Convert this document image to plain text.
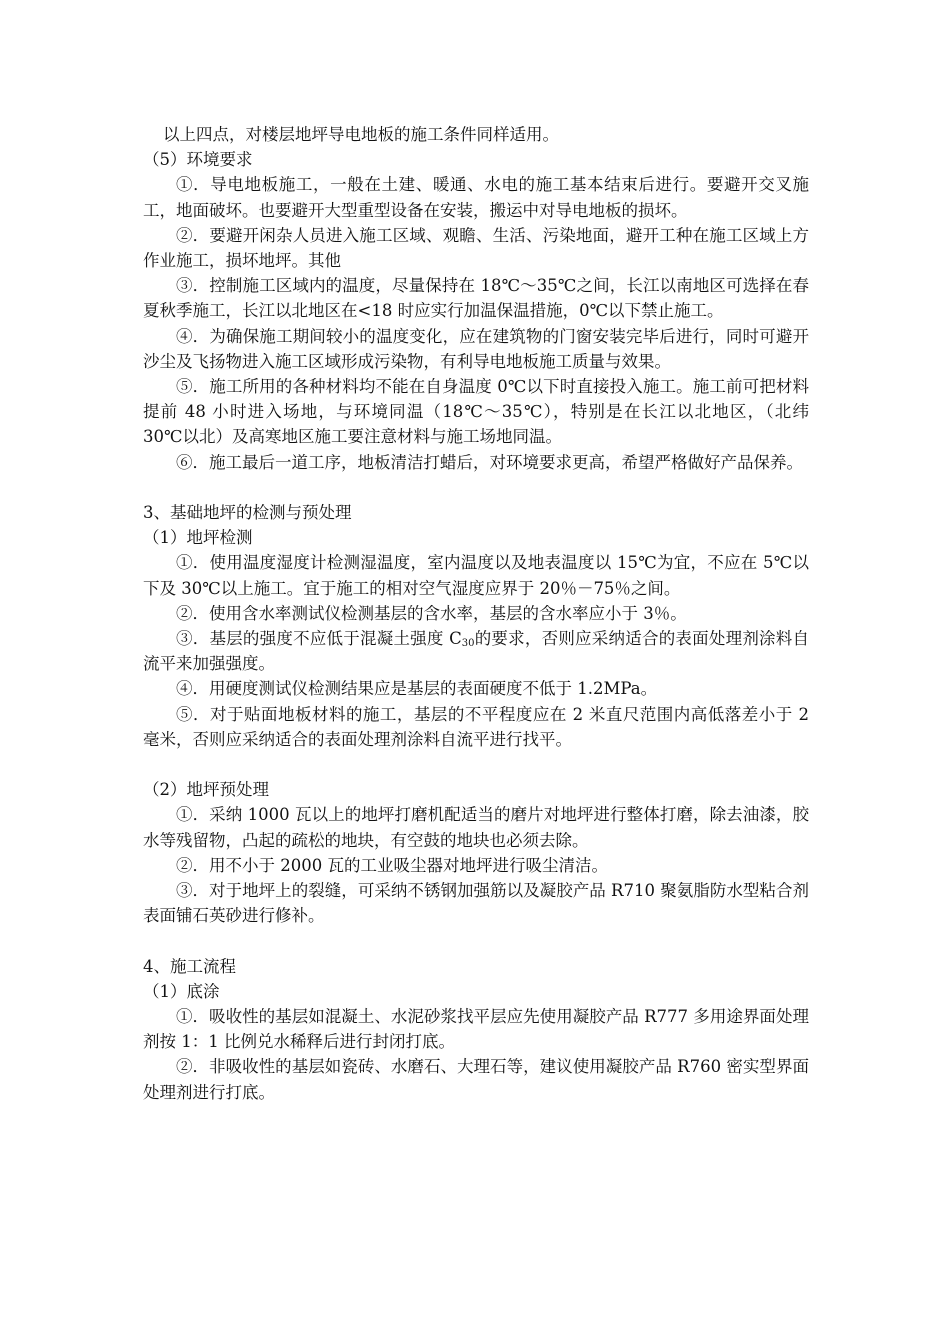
以上四点，对楼层地坪导电地板的施工条件同样适用。

（5）环境要求

①．导电地板施工，一般在土建、暖通、水电的施工基本结束后进行。要避开交叉施工，地面破坏。也要避开大型重型设备在安装，搬运中对导电地板的损坏。

②．要避开闲杂人员进入施工区域、观瞻、生活、污染地面，避开工种在施工区域上方作业施工，损坏地坪。其他

③．控制施工区域内的温度，尽量保持在 18℃～35℃之间，长江以南地区可选择在春夏秋季施工，长江以北地区在<18 时应实行加温保温措施，0℃以下禁止施工。

④．为确保施工期间较小的温度变化，应在建筑物的门窗安装完毕后进行，同时可避开沙尘及飞扬物进入施工区域形成污染物，有利导电地板施工质量与效果。

⑤．施工所用的各种材料均不能在自身温度 0℃以下时直接投入施工。施工前可把材料提前 48 小时进入场地，与环境同温（18℃～35℃），特别是在长江以北地区，（北纬 30℃以北）及高寒地区施工要注意材料与施工场地同温。

⑥．施工最后一道工序，地板清洁打蜡后，对环境要求更高，希望严格做好产品保养。

3、基础地坪的检测与预处理

（1）地坪检测

①．使用温度湿度计检测湿温度，室内温度以及地表温度以 15℃为宜，不应在 5℃以下及 30℃以上施工。宜于施工的相对空气湿度应界于 20％－75％之间。

②．使用含水率测试仪检测基层的含水率，基层的含水率应小于 3％。

③．基层的强度不应低于混凝土强度 $C_{30}$的要求，否则应采纳适合的表面处理剂涂料自流平来加强强度。

④．用硬度测试仪检测结果应是基层的表面硬度不低于 1.2MPa。

⑤．对于贴面地板材料的施工，基层的不平程度应在 2 米直尺范围内高低落差小于 2 毫米，否则应采纳适合的表面处理剂涂料自流平进行找平。

（2）地坪预处理

①．采纳 1000 瓦以上的地坪打磨机配适当的磨片对地坪进行整体打磨，除去油漆，胶水等残留物，凸起的疏松的地块，有空鼓的地块也必须去除。

②．用不小于 2000 瓦的工业吸尘器对地坪进行吸尘清洁。

③．对于地坪上的裂缝，可采纳不锈钢加强筋以及凝胶产品 R710 聚氨脂防水型粘合剂表面铺石英砂进行修补。

4、施工流程

（1）底涂

①．吸收性的基层如混凝土、水泥砂浆找平层应先使用凝胶产品 R777 多用途界面处理剂按 1：1 比例兑水稀释后进行封闭打底。

②．非吸收性的基层如瓷砖、水磨石、大理石等，建议使用凝胶产品 R760 密实型界面处理剂进行打底。
